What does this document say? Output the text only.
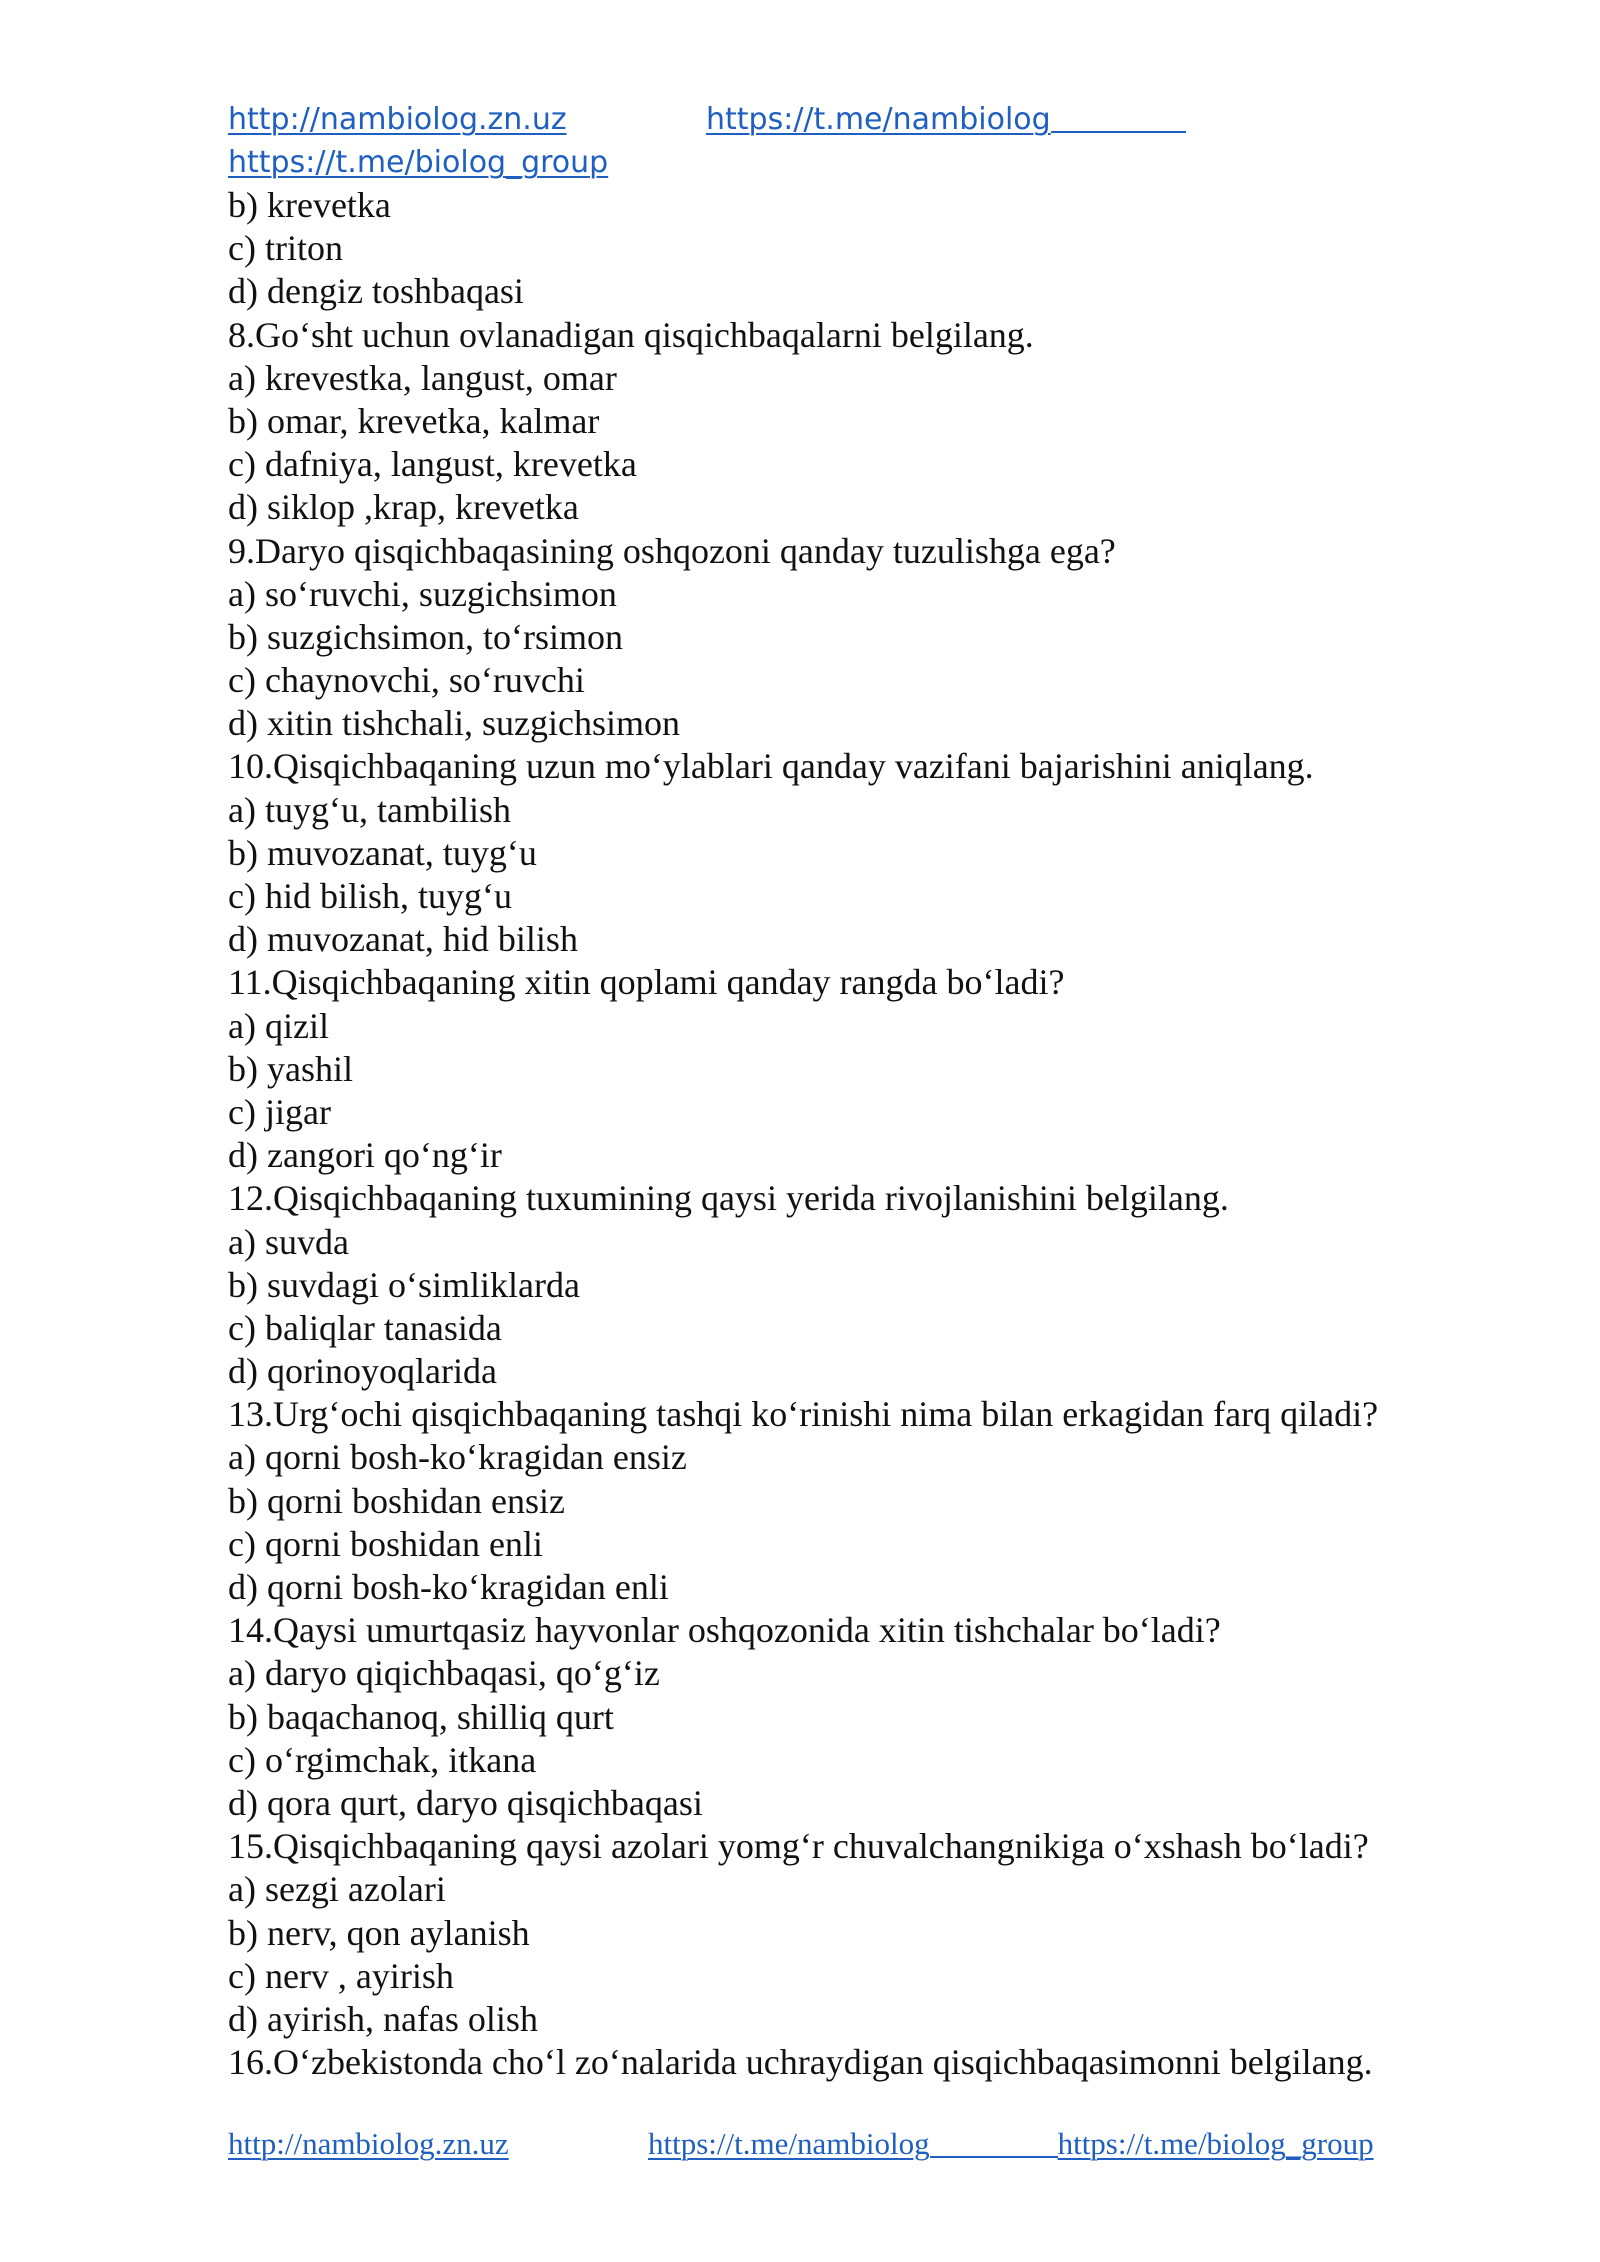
http://nambiolog.zn.uz	https://t.me/nambiolog
https://t.me/biolog_group
b) krevetka
c) triton
d) dengiz toshbaqasi
8.Go‘sht uchun ovlanadigan qisqichbaqalarni belgilang.
a) krevestka, langust, omar
b) omar, krevetka, kalmar
c) dafniya, langust, krevetka
d) siklop ,krap, krevetka
9.Daryo qisqichbaqasining oshqozoni qanday tuzulishga ega?
a) so‘ruvchi, suzgichsimon
b) suzgichsimon, to‘rsimon
c) chaynovchi, so‘ruvchi
d) xitin tishchali, suzgichsimon
10.Qisqichbaqaning uzun mo‘ylablari qanday vazifani bajarishini aniqlang.
a) tuyg‘u, tambilish
b) muvozanat, tuyg‘u
c) hid bilish, tuyg‘u
d) muvozanat, hid bilish
11.Qisqichbaqaning xitin qoplami qanday rangda bo‘ladi?
a) qizil
b) yashil
c) jigar
d) zangori qo‘ng‘ir
12.Qisqichbaqaning tuxumining qaysi yerida rivojlanishini belgilang.
a) suvda
b) suvdagi o‘simliklarda
c) baliqlar tanasida
d) qorinoyoqlarida
13.Urg‘ochi qisqichbaqaning tashqi ko‘rinishi nima bilan erkagidan farq qiladi?
a) qorni bosh-ko‘kragidan ensiz
b) qorni boshidan ensiz
c) qorni boshidan enli
d) qorni bosh-ko‘kragidan enli
14.Qaysi umurtqasiz hayvonlar oshqozonida xitin tishchalar bo‘ladi?
a) daryo qiqichbaqasi, qo‘g‘iz
b) baqachanoq, shilliq qurt
c) o‘rgimchak, itkana
d) qora qurt, daryo qisqichbaqasi
15.Qisqichbaqaning qaysi azolari yomg‘r chuvalchangnikiga o‘xshash bo‘ladi?
a) sezgi azolari
b) nerv, qon aylanish
c) nerv , ayirish
d) ayirish, nafas olish
16.O‘zbekistonda cho‘l zo‘nalarida uchraydigan qisqichbaqasimonni belgilang.
http://nambiolog.zn.uz	https://t.me/nambiolog	https://t.me/biolog_group
